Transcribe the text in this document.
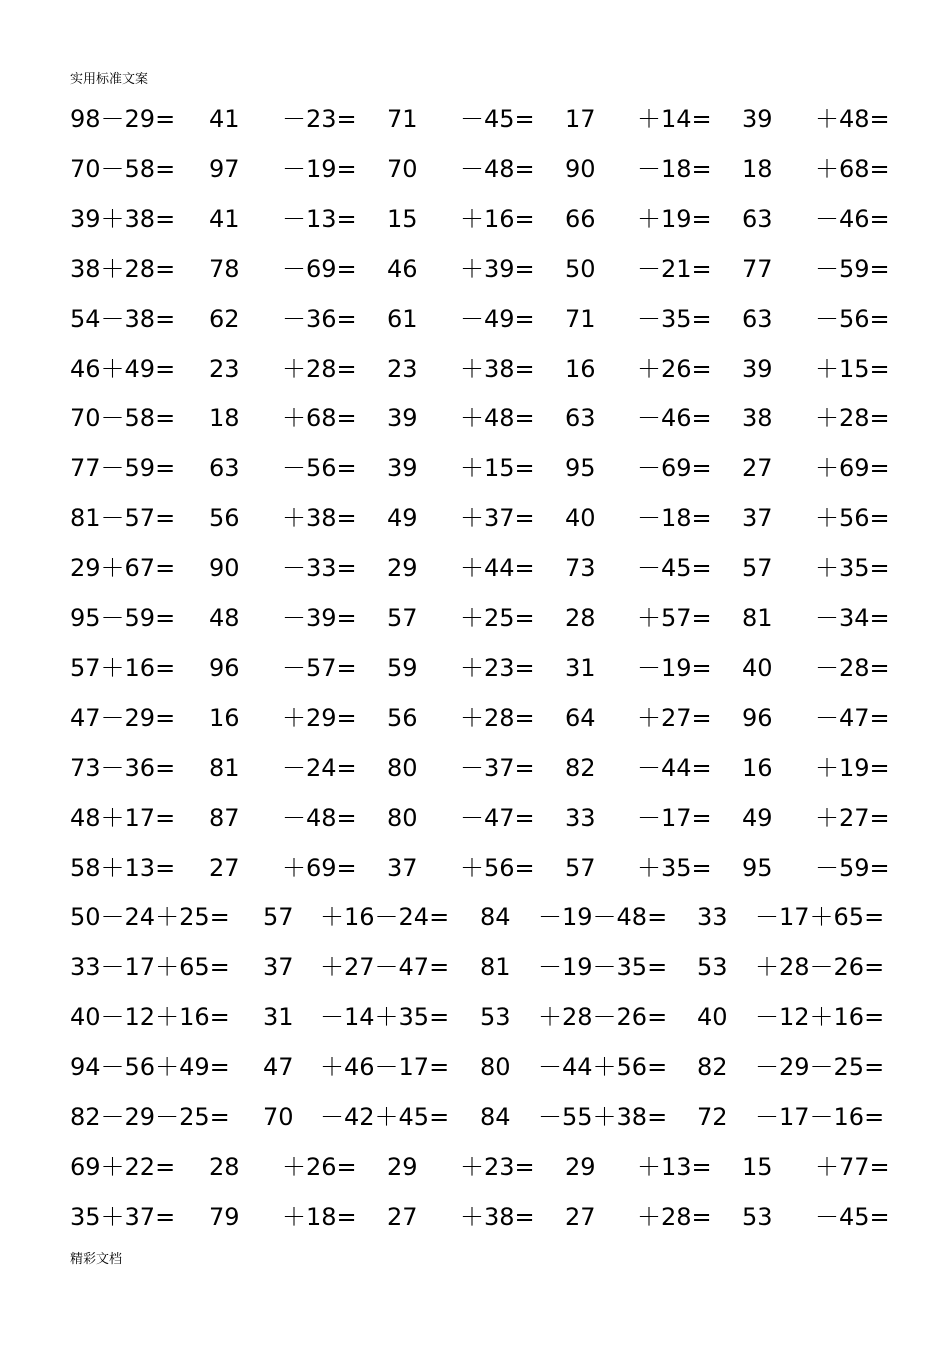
实用标准文案
98－29= 41 －23= 71 －45= 17 ＋14= 39 ＋48=
70－58= 97 －19= 70 －48= 90 －18= 18 ＋68=
39＋38= 41 －13= 15 ＋16= 66 ＋19= 63 －46=
38＋28= 78 －69= 46 ＋39= 50 －21= 77 －59=
54－38= 62 －36= 61 －49= 71 －35= 63 －56=
46＋49= 23 ＋28= 23 ＋38= 16 ＋26= 39 ＋15=
70－58= 18 ＋68= 39 ＋48= 63 －46= 38 ＋28=
77－59= 63 －56= 39 ＋15= 95 －69= 27 ＋69=
81－57= 56 ＋38= 49 ＋37= 40 －18= 37 ＋56=
29＋67= 90 －33= 29 ＋44= 73 －45= 57 ＋35=
95－59= 48 －39= 57 ＋25= 28 ＋57= 81 －34=
57＋16= 96 －57= 59 ＋23= 31 －19= 40 －28=
47－29= 16 ＋29= 56 ＋28= 64 ＋27= 96 －47=
73－36= 81 －24= 80 －37= 82 －44= 16 ＋19=
48＋17= 87 －48= 80 －47= 33 －17= 49 ＋27=
58＋13= 27 ＋69= 37 ＋56= 57 ＋35= 95 －59=
50－24＋25= 57 ＋16－24= 84 －19－48= 33 －17＋65=
33－17＋65= 37 ＋27－47= 81 －19－35= 53 ＋28－26=
40－12＋16= 31 －14＋35= 53 ＋28－26= 40 －12＋16=
94－56＋49= 47 ＋46－17= 80 －44＋56= 82 －29－25=
82－29－25= 70 －42＋45= 84 －55＋38= 72 －17－16=
69＋22= 28 ＋26= 29 ＋23= 29 ＋13= 15 ＋77=
35＋37= 79 ＋18= 27 ＋38= 27 ＋28= 53 －45=
精彩文档
